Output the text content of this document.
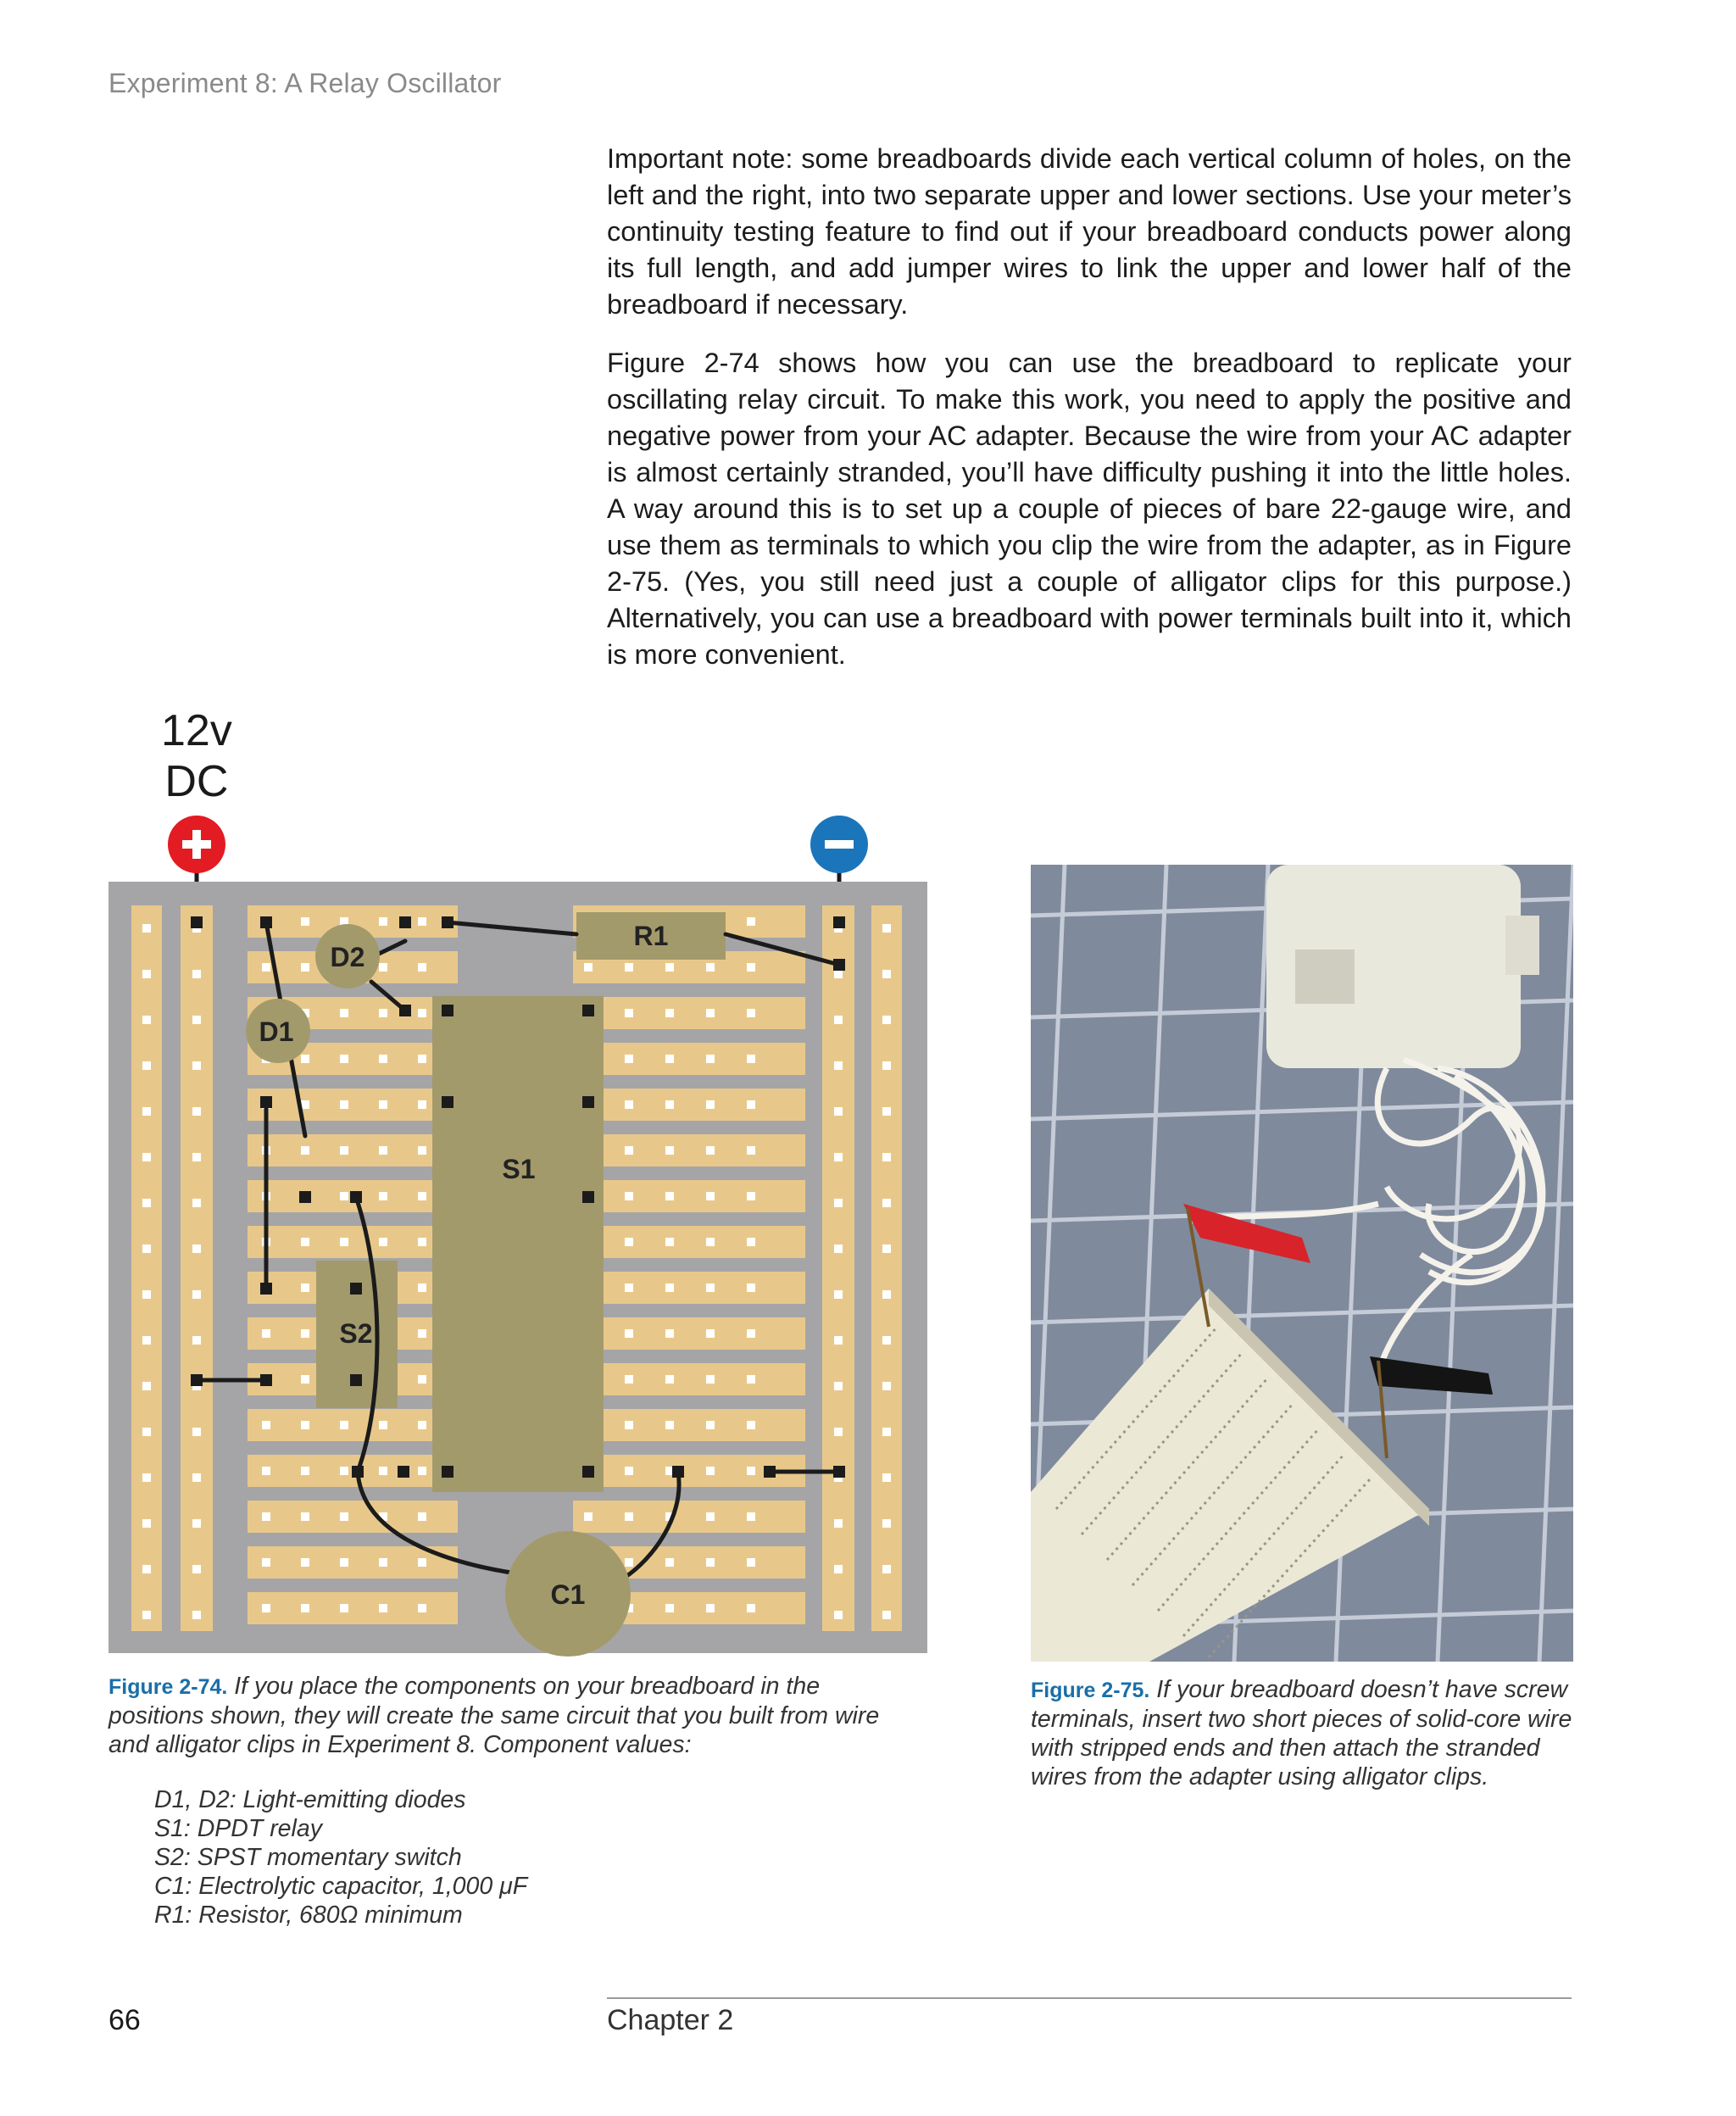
Experiment 8: A Relay Oscillator

Important note: some breadboards divide each vertical column of holes, on the left and the right, into two separate upper and lower sections. Use your meter’s continuity testing feature to find out if your breadboard conducts power along its full length, and add jumper wires to link the upper and lower half of the breadboard if necessary.

Figure 2-74 shows how you can use the breadboard to replicate your oscillating relay circuit. To make this work, you need to apply the positive and negative power from your AC adapter. Because the wire from your AC adapter is almost certainly stranded, you’ll have difficulty pushing it into the little holes. A way around this is to set up a couple of pieces of bare 22-gauge wire, and use them as terminals to which you clip the wire from the adapter, as in Figure 2-75. (Yes, you still need just a couple of alligator clips for this purpose.) Alternatively, you can use a breadboard with power terminals built into it, which is more convenient.

12v
DC
R1
D2
D1
S1
S2
C1
Figure 2-74. If you place the components on your breadboard in the positions shown, they will create the same circuit that you built from wire and alligator clips in Experiment 8. Component values:
D1, D2: Light-emitting diodes
S1: DPDT relay
S2: SPST momentary switch
C1: Electrolytic capacitor, 1,000 μF
R1: Resistor, 680Ω minimum
Figure 2-75. If your breadboard doesn’t have screw terminals, insert two short pieces of solid-core wire with stripped ends and then attach the stranded wires from the adapter using alligator clips.
66	Chapter 2
